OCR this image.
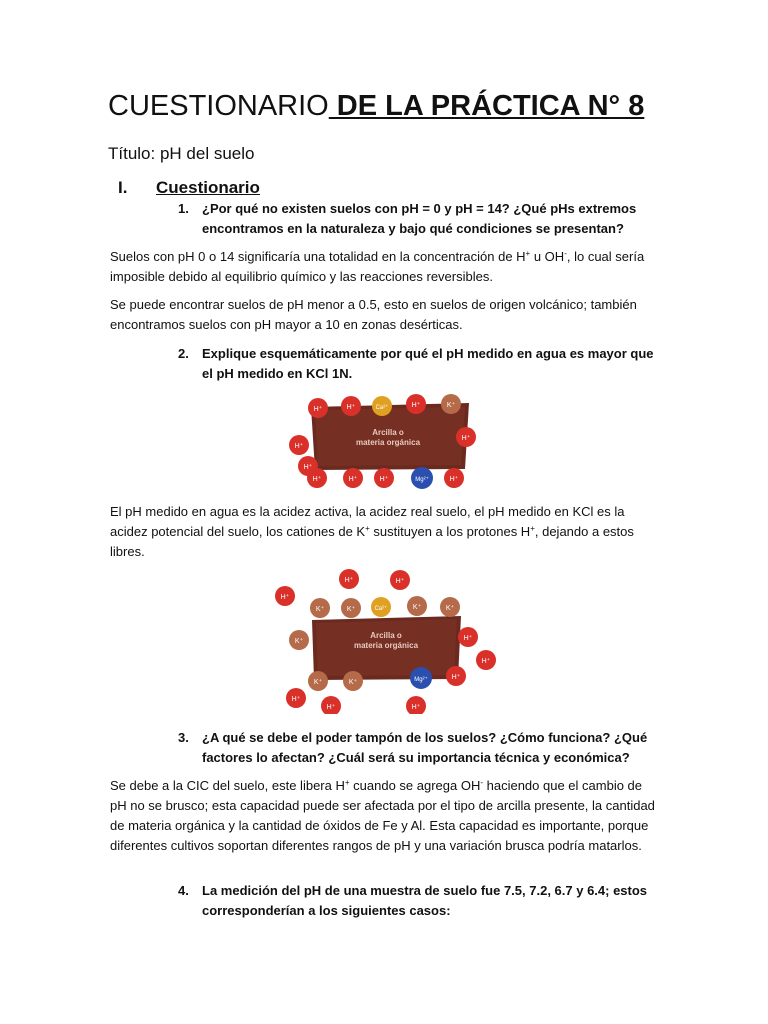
CUESTIONARIO DE LA PRÁCTICA N° 8

Título: pH del suelo

I. Cuestionario
1. ¿Por qué no existen suelos con pH = 0 y pH = 14? ¿Qué pHs extremos encontramos en la naturaleza y bajo qué condiciones se presentan?

Suelos con pH 0 o 14 significaría una totalidad en la concentración de H+ u OH-, lo cual sería imposible debido al equilibrio químico y las reacciones reversibles.

Se puede encontrar suelos de pH menor a 0.5, esto en suelos de origen volcánico; también encontramos suelos con pH mayor a 10 en zonas desérticas.

2. Explique esquemáticamente por qué el pH medido en agua es mayor que el pH medido en KCl 1N.
Arcilla o
materia orgánica
H⁺	H⁺	Ca²⁺	H⁺	K⁺
H⁺
H⁺
H⁺
H⁺	H⁺	H⁺	Mg²⁺	H⁺

El pH medido en agua es la acidez activa, la acidez real suelo, el pH medido en KCl es la acidez potencial del suelo, los cationes de K+ sustituyen a los protones H+, dejando a estos libres.

Arcilla o
materia orgánica
H⁺	H⁺
H⁺
K⁺	K⁺	Ca²⁺	K⁺	K⁺
H⁺
H⁺
K⁺
K⁺	K⁺	Mg²⁺	H⁺
H⁺
H⁺	H⁺
3. ¿A qué se debe el poder tampón de los suelos? ¿Cómo funciona? ¿Qué factores lo afectan? ¿Cuál será su importancia técnica y económica?

Se debe a la CIC del suelo, este libera H+ cuando se agrega OH- haciendo que el cambio de pH no se brusco; esta capacidad puede ser afectada por el tipo de arcilla presente, la cantidad de materia orgánica y la cantidad de óxidos de Fe y Al. Esta capacidad es importante, porque diferentes cultivos soportan diferentes rangos de pH y una variación brusca podría matarlos.

4. La medición del pH de una muestra de suelo fue 7.5, 7.2, 6.7 y 6.4; estos corresponderían a los siguientes casos:
